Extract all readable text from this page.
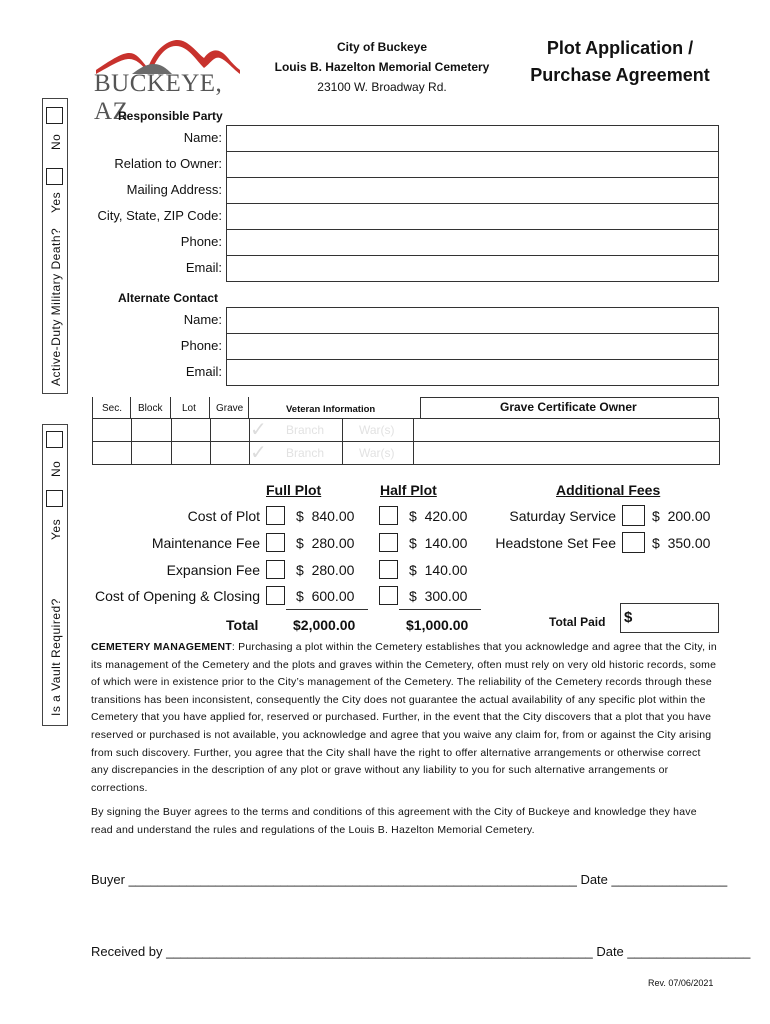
BUCKEYE, AZ
City of Buckeye
Louis B. Hazelton Memorial Cemetery
23100 W. Broadway Rd.
Plot Application /
Purchase Agreement
Active-Duty Military Death?
Yes
No
Is a Vault Required?
Yes
No
Responsible Party
Name:
Relation to Owner:
Mailing Address:
City, State, ZIP Code:
Phone:
Email:
Alternate Contact
Name:
Phone:
Email:
Sec. Block Lot Grave	Veteran Information	Grave Certificate Owner

				✓ Branch	War(s)	

				✓ Branch	War(s)	
Full Plot	Half Plot	Additional Fees
Cost of Plot	$  840.00	$  420.00
Maintenance Fee	$  280.00	$  140.00
Expansion Fee	$  280.00	$  140.00
Cost of Opening & Closing	$  600.00	$  300.00
Total $2,000.00	$1,000.00
Saturday Service	$  200.00
Headstone Set Fee	$  350.00
Total Paid $
CEMETERY MANAGEMENT: Purchasing a plot within the Cemetery establishes that you acknowledge and agree that the City, in its management of the Cemetery and the plots and graves within the Cemetery, often must rely on very old historic records, some of which were in existence prior to the City’s management of the Cemetery. The reliability of the Cemetery records through these transitions has been inconsistent, consequently the City does not guarantee the actual availability of any specific plot within the Cemetery that you have applied for, reserved or purchased. Further, in the event that the City discovers that a plot that you have reserved or purchased is not available, you acknowledge and agree that you waive any claim for, from or against the City arising from such discovery. Further, you agree that the City shall have the right to offer alternative arrangements or otherwise correct any discrepancies in the description of any plot or grave without any liability to you for such alternative arrangements or corrections.
By signing the Buyer agrees to the terms and conditions of this agreement with the City of Buckeye and knowledge they have read and understand the rules and regulations of the Louis B. Hazelton Memorial Cemetery.
Buyer ______________________________________________________________ Date ________________
Received by ___________________________________________________________ Date _________________
Rev. 07/06/2021
